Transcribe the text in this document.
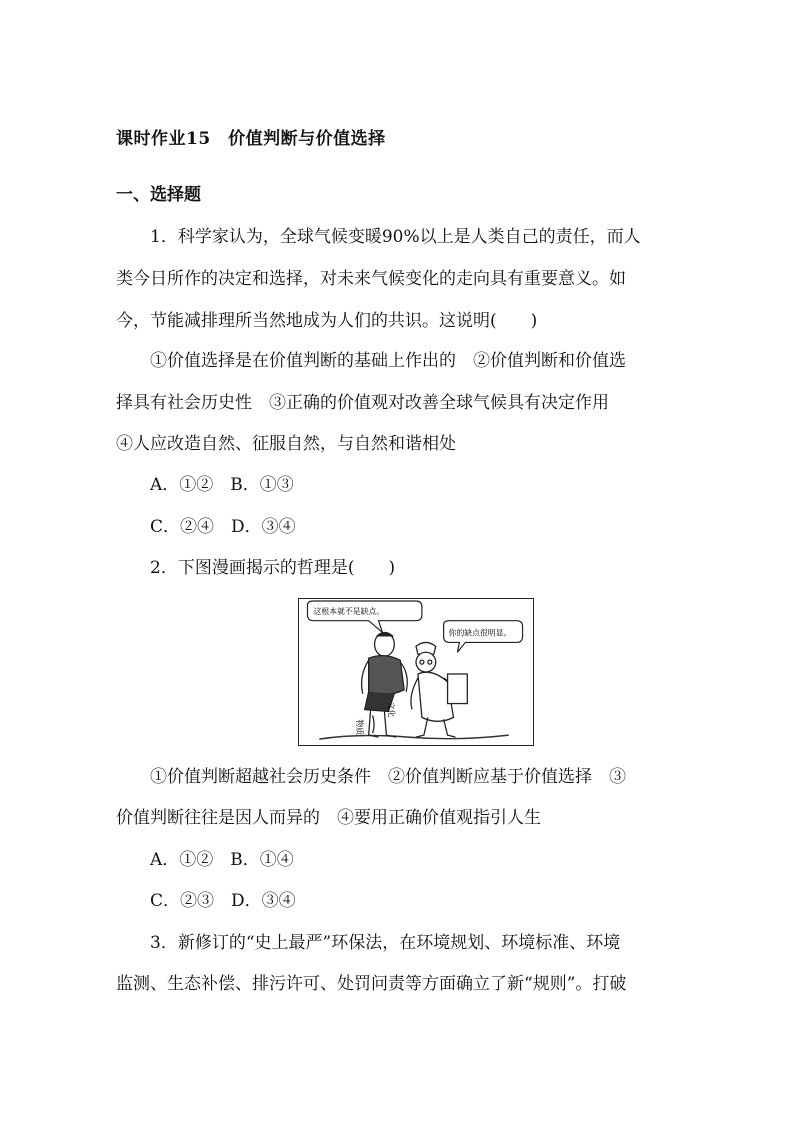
课时作业15　价值判断与价值选择
一、选择题
1．科学家认为，全球气候变暖90%以上是人类自己的责任，而人
类今日所作的决定和选择，对未来气候变化的走向具有重要意义。如
今，节能减排理所当然地成为人们的共识。这说明(　　)
①价值选择是在价值判断的基础上作出的　②价值判断和价值选
择具有社会历史性　③正确的价值观对改善全球气候具有决定作用
④人应改造自然、征服自然，与自然和谐相处
A．①②　B．①③
C．②④　D．③④
2．下图漫画揭示的哲理是(　　)
这根本就不是缺点。
你的缺点很明显。
物质
文化
①价值判断超越社会历史条件　②价值判断应基于价值选择　③
价值判断往往是因人而异的　④要用正确价值观指引人生
A．①②　B．①④
C．②③　D．③④
3．新修订的“史上最严”环保法，在环境规划、环境标准、环境
监测、生态补偿、排污许可、处罚问责等方面确立了新“规则”。打破
